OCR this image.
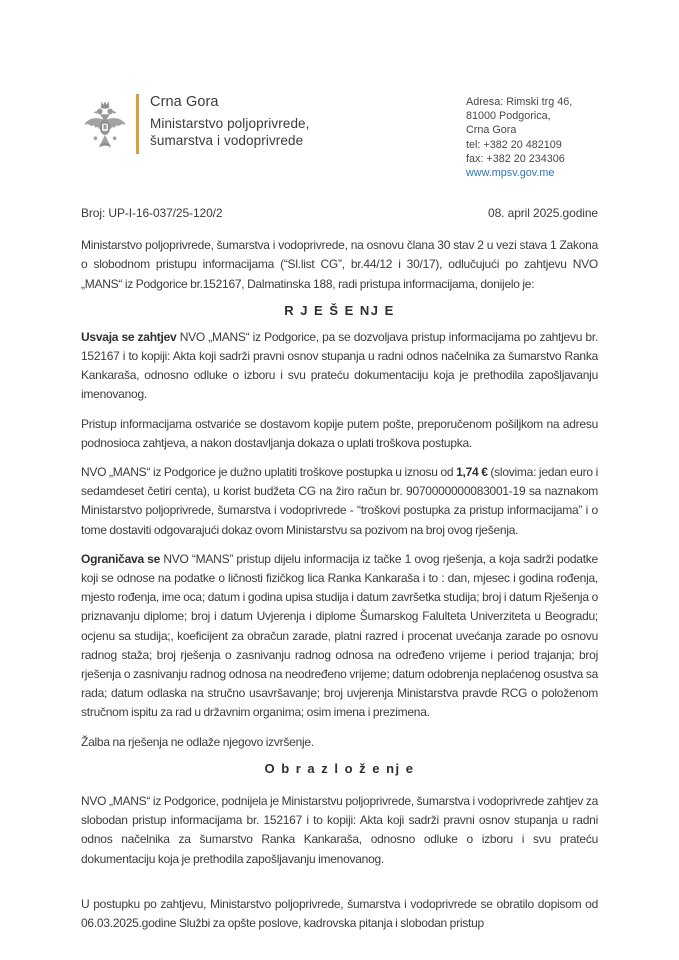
Crna Gora
Ministarstvo poljoprivrede,
šumarstva i vodoprivrede
Adresa: Rimski trg 46,
81000 Podgorica,
Crna Gora
tel: +382 20 482109
fax: +382 20 234306
www.mpsv.gov.me
Broj: UP-I-16-037/25-120/2	08. april 2025.godine

Ministarstvo poljoprivrede, šumarstva i vodoprivrede, na osnovu člana 30 stav 2 u vezi stava 1 Zakona o slobodnom pristupu informacijama (“Sl.list CG”, br.44/12 i 30/17), odlučujući po zahtjevu NVO „MANS“ iz Podgorice br.152167, Dalmatinska 188, radi pristupa informacijama, donijelo je:

R J E Š E NJ E

Usvaja se zahtjev NVO „MANS“ iz Podgorice, pa se dozvoljava pristup informacijama po zahtjevu br. 152167 i to kopiji: Akta koji sadrži pravni osnov stupanja u radni odnos načelnika za šumarstvo Ranka Kankaraša, odnosno odluke o izboru i svu prateću dokumentaciju koja je prethodila zapošljavanju imenovanog.

Pristup informacijama ostvariće se dostavom kopije putem pošte, preporučenom pošiljkom na adresu podnosioca zahtjeva, a nakon dostavljanja dokaza o uplati troškova postupka.

NVO „MANS“ iz Podgorice je dužno uplatiti troškove postupka u iznosu od 1,74 € (slovima: jedan euro i sedamdeset četiri centa), u korist budžeta CG na žiro račun br. 9070000000083001-19 sa naznakom Ministarstvo poljoprivrede, šumarstva i vodoprivrede - “troškovi postupka za pristup informacijama” i o tome dostaviti odgovarajući dokaz ovom Ministarstvu sa pozivom na broj ovog rješenja.

Ograničava se NVO “MANS” pristup dijelu informacija iz tačke 1 ovog rješenja, a koja sadrži podatke koji se odnose na podatke o ličnosti fizičkog lica Ranka Kankaraša i to : dan, mjesec i godina rođenja, mjesto rođenja, ime oca; datum i godina upisa studija i datum završetka studija; broj i datum Rješenja o priznavanju diplome; broj i datum Uvjerenja i diplome Šumarskog Falulteta Univerziteta u Beogradu; ocjenu sa studija;, koeficijent za obračun zarade, platni razred i procenat uvećanja zarade po osnovu radnog staža; broj rješenja o zasnivanju radnog odnosa na određeno vrijeme i period trajanja; broj rješenja o zasnivanju radnog odnosa na neodređeno vrijeme; datum odobrenja neplaćenog osustva sa rada; datum odlaska na stručno usavršavanje; broj uvjerenja Ministarstva pravde RCG o položenom stručnom ispitu za rad u državnim organima; osim imena i prezimena.

Žalba na rješenja ne odlaže njegovo izvršenje.

O b r a z l o ž e nj e

NVO „MANS“ iz Podgorice, podnijela je Ministarstvu poljoprivrede, šumarstva i vodoprivrede zahtjev za slobodan pristup informacijama br. 152167 i to kopiji: Akta koji sadrži pravni osnov stupanja u radni odnos načelnika za šumarstvo Ranka Kankaraša, odnosno odluke o izboru i svu prateću dokumentaciju koja je prethodila zapošljavanju imenovanog.

U postupku po zahtjevu, Ministarstvo poljoprivrede, šumarstva i vodoprivrede se obratilo dopisom od 06.03.2025.godine Službi za opšte poslove, kadrovska pitanja i slobodan pristup
